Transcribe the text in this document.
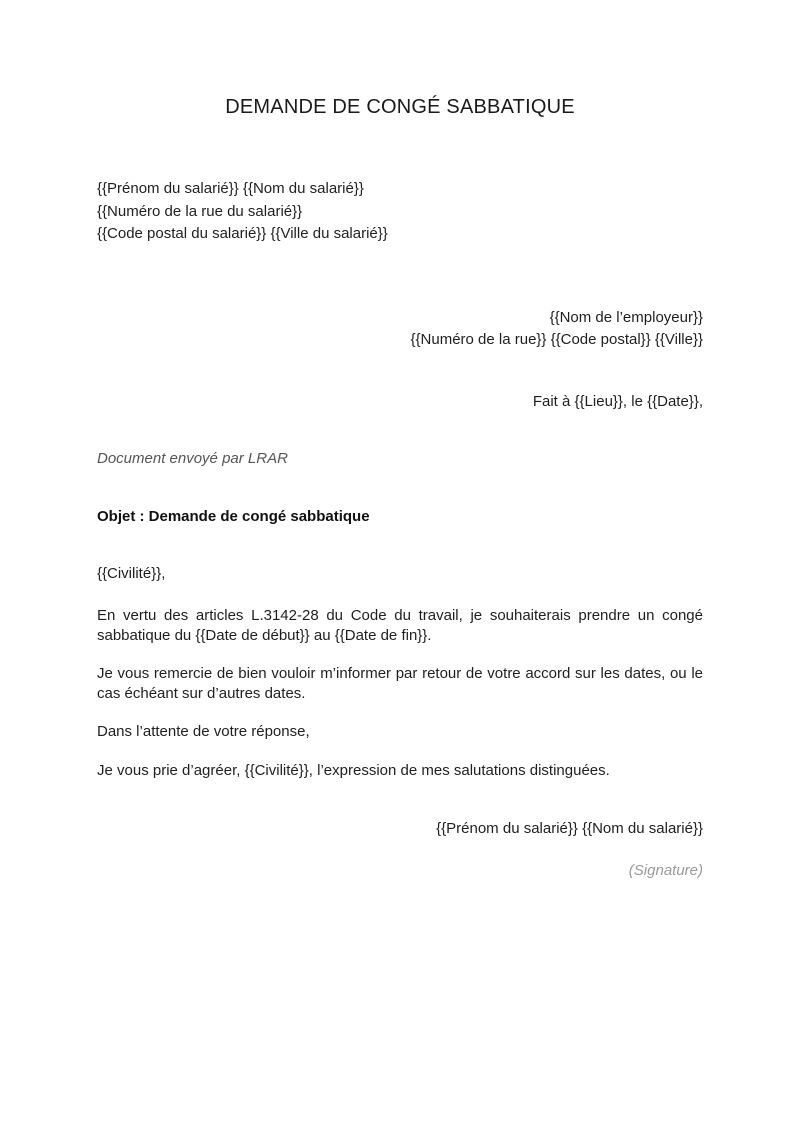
DEMANDE DE CONGÉ SABBATIQUE
{{Prénom du salarié}} {{Nom du salarié}}
{{Numéro de la rue du salarié}}
{{Code postal du salarié}} {{Ville du salarié}}
{{Nom de l’employeur}}
{{Numéro de la rue}} {{Code postal}} {{Ville}}
Fait à {{Lieu}}, le {{Date}},
Document envoyé par LRAR
Objet : Demande de congé sabbatique
{{Civilité}},
En vertu des articles L.3142-28 du Code du travail, je souhaiterais prendre un congé sabbatique du {{Date de début}} au {{Date de fin}}.
Je vous remercie de bien vouloir m’informer par retour de votre accord sur les dates, ou le cas échéant sur d’autres dates.
Dans l’attente de votre réponse,
Je vous prie d’agréer, {{Civilité}}, l’expression de mes salutations distinguées.
{{Prénom du salarié}} {{Nom du salarié}}
(Signature)
